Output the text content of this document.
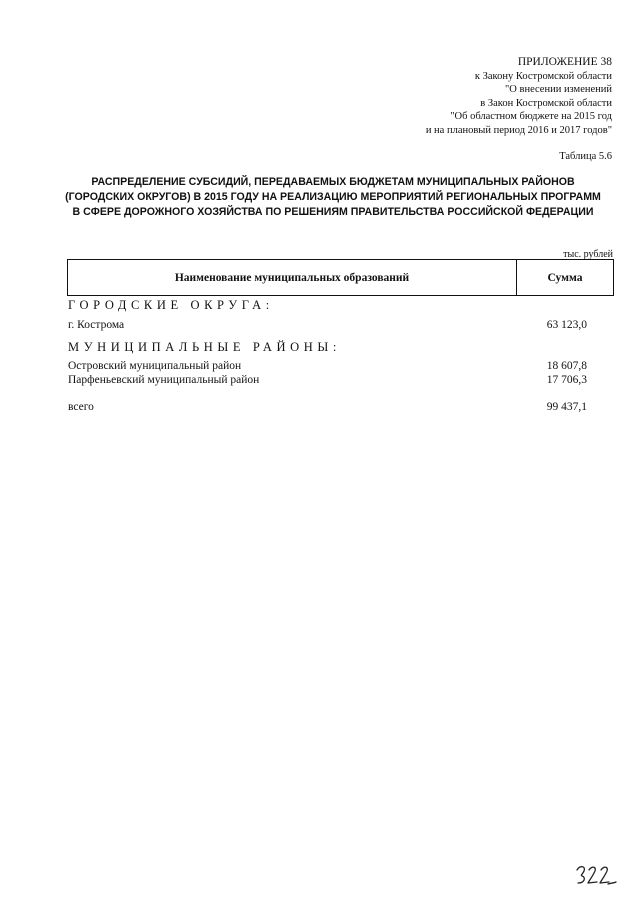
ПРИЛОЖЕНИЕ 38
к Закону Костромской области
"О внесении изменений
в Закон Костромской области
"Об областном бюджете на 2015 год
и на плановый период 2016 и 2017 годов"
Таблица 5.6
РАСПРЕДЕЛЕНИЕ СУБСИДИЙ, ПЕРЕДАВАЕМЫХ БЮДЖЕТАМ МУНИЦИПАЛЬНЫХ РАЙОНОВ
(ГОРОДСКИХ ОКРУГОВ) В 2015 ГОДУ НА РЕАЛИЗАЦИЮ МЕРОПРИЯТИЙ РЕГИОНАЛЬНЫХ ПРОГРАММ
В СФЕРЕ ДОРОЖНОГО ХОЗЯЙСТВА ПО РЕШЕНИЯМ ПРАВИТЕЛЬСТВА РОССИЙСКОЙ ФЕДЕРАЦИИ
тыс. рублей
Наименование муниципальных образований	Сумма
ГОРОДСКИЕ ОКРУГА:
г. Кострома	63 123,0
МУНИЦИПАЛЬНЫЕ РАЙОНЫ:
Островский муниципальный район	18 607,8
Парфеньевский муниципальный район	17 706,3
всего	99 437,1
